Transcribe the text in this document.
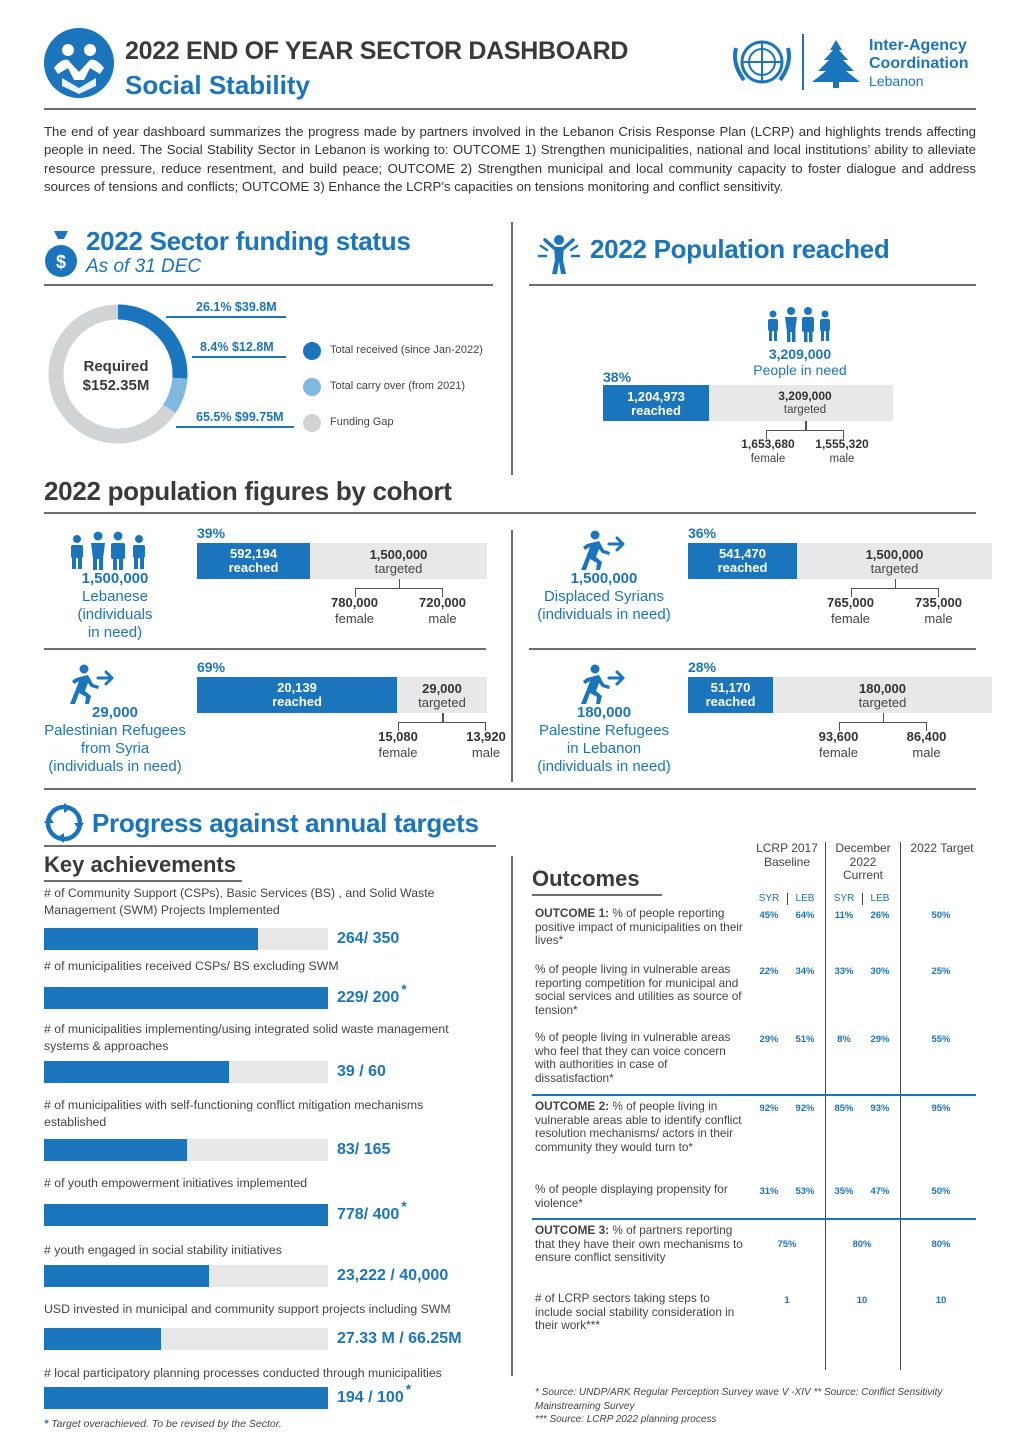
2022 END OF YEAR SECTOR DASHBOARD
Social Stability
Inter-Agency
Coordination
Lebanon
The end of year dashboard summarizes the progress made by partners involved in the Lebanon Crisis Response Plan (LCRP) and highlights trends affecting people in need. The Social Stability Sector in Lebanon is working to: OUTCOME 1) Strengthen municipalities, national and local institutions’ ability to alleviate resource pressure, reduce resentment, and build peace; OUTCOME 2) Strengthen municipal and local community capacity to foster dialogue and address sources of tensions and conflicts; OUTCOME 3) Enhance the LCRP’s capacities on tensions monitoring and conflict sensitivity.
$
2022 Sector funding status
As of 31 DEC
Required
$152.35M
26.1% $39.8M
8.4% $12.8M
65.5% $99.75M
Total received (since Jan-2022)
Total carry over (from 2021)
Funding Gap
2022 Population reached
3,209,000
People in need
38%
1,204,973
reached
3,209,000
targeted
1,653,680
female
1,555,320
male
2022 population figures by cohort
1,500,000
Lebanese
(individuals
in need)
39%
592,194
reached
1,500,000
targeted
780,000
female
720,000
male
1,500,000
Displaced Syrians
(individuals in need)
36%
541,470
reached
1,500,000
targeted
765,000
female
735,000
male
29,000
Palestinian Refugees
from Syria
(individuals in need)
69%
20,139
reached
29,000
targeted
15,080
female
13,920
male
180,000
Palestine Refugees
in Lebanon
(individuals in need)
28%
51,170
reached
180,000
targeted
93,600
female
86,400
male
Progress against annual targets
Key achievements
# of Community Support (CSPs), Basic Services (BS) , and Solid Waste Management (SWM) Projects Implemented
264/ 350
# of municipalities received CSPs/ BS excluding SWM
229/ 200 *
# of municipalities implementing/using integrated solid waste management systems & approaches
39 / 60
# of municipalities with self-functioning conflict mitigation mechanisms established
83/ 165
# of youth empowerment initiatives implemented
778/ 400 *
# youth engaged in social stability initiatives
23,222 / 40,000
USD invested in municipal and community support projects including SWM
27.33 M / 66.25M
# local participatory planning processes conducted through municipalities
194 / 100 *
* Target overachieved. To be revised by the Sector.
Outcomes
LCRP 2017 Baseline
December
2022
Current
2022 Target
SYR	LEB	SYR	LEB
OUTCOME 1: % of people reporting positive impact of municipalities on their lives*
45%	64%	11%	26%	50%
% of people living in vulnerable areas reporting competition for municipal and social services and utilities as source of tension*
22%	34%	33%	30%	25%
% of people living in vulnerable areas who feel that they can voice concern with authorities in case of dissatisfaction*
29%	51%	8%	29%	55%
OUTCOME 2: % of people living in vulnerable areas able to identify conflict resolution mechanisms/ actors in their community they would turn to*
92%	92%	85%	93%	95%
% of people displaying propensity for violence*
31%	53%	35%	47%	50%
OUTCOME 3: % of partners reporting that they have their own mechanisms to ensure conflict sensitivity
75%	80%	80%
# of LCRP sectors taking steps to include social stability consideration in their work***
1	10	10
* Source: UNDP/ARK Regular Perception Survey wave V -XIV ** Source: Conflict Sensitivity Mainstreaming Survey
*** Source: LCRP 2022 planning process
